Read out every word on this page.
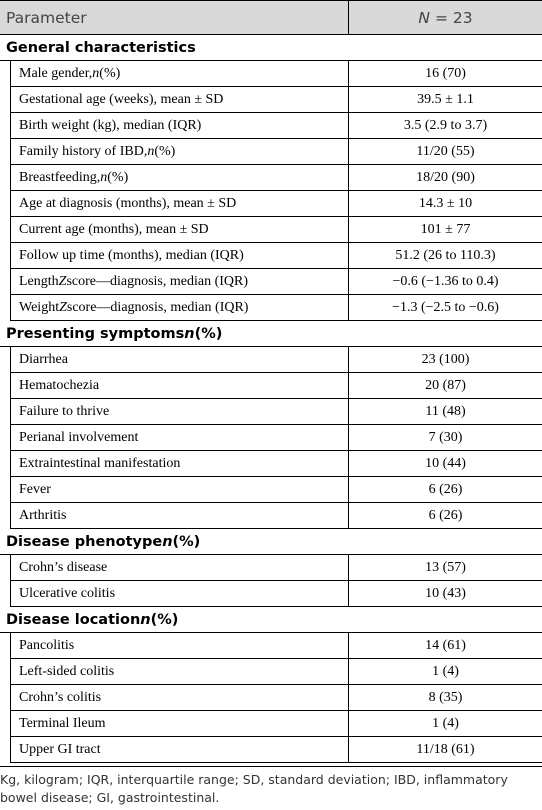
Parameter	N = 23
General characteristics
Male gender, n (%)	16 (70)
Gestational age (weeks), mean ± SD	39.5 ± 1.1
Birth weight (kg), median (IQR)	3.5 (2.9 to 3.7)
Family history of IBD, n (%)	11/20 (55)
Breastfeeding, n (%)	18/20 (90)
Age at diagnosis (months), mean ± SD	14.3 ± 10
Current age (months), mean ± SD	101 ± 77
Follow up time (months), median (IQR)	51.2 (26 to 110.3)
Length Z score—diagnosis, median (IQR)	−0.6 (−1.36 to 0.4)
Weight Z score—diagnosis, median (IQR)	−1.3 (−2.5 to −0.6)
Presenting symptoms n (%)
Diarrhea	23 (100)
Hematochezia	20 (87)
Failure to thrive	11 (48)
Perianal involvement	7 (30)
Extraintestinal manifestation	10 (44)
Fever	6 (26)
Arthritis	6 (26)
Disease phenotype n (%)
Crohn’s disease	13 (57)
Ulcerative colitis	10 (43)
Disease location n (%)
Pancolitis	14 (61)
Left-sided colitis	1 (4)
Crohn’s colitis	8 (35)
Terminal Ileum	1 (4)
Upper GI tract	11/18 (61)
Kg, kilogram; IQR, interquartile range; SD, standard deviation; IBD, inflammatory bowel disease; GI, gastrointestinal.
